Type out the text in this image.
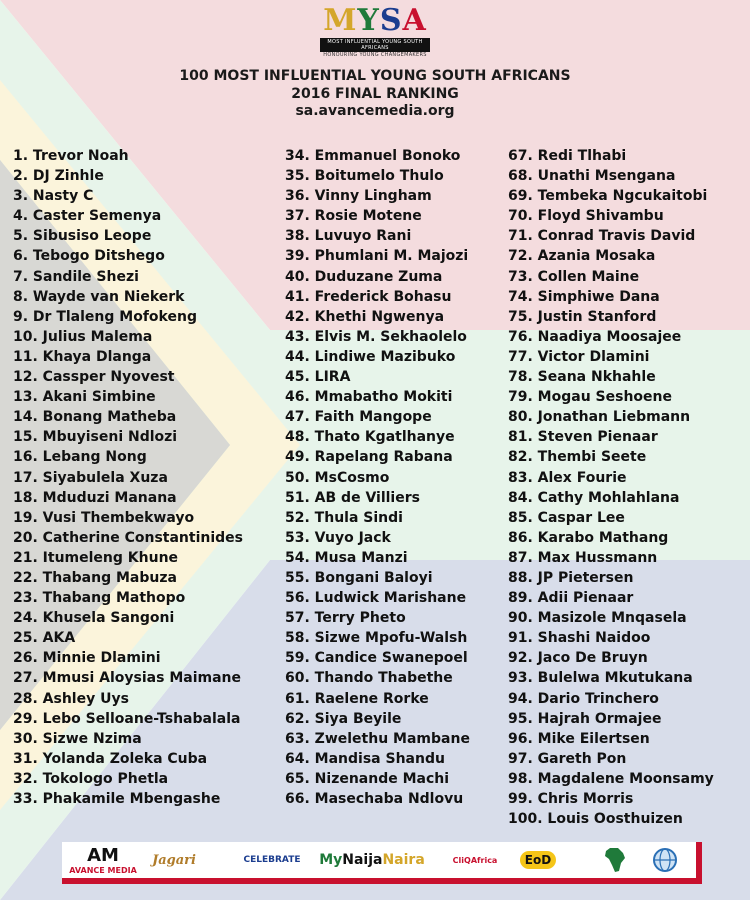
MYSA
MOST INFLUENTIAL YOUNG SOUTH AFRICANS
HONOURING YOUNG CHANGEMAKERS
100 MOST INFLUENTIAL YOUNG SOUTH AFRICANS
2016 FINAL RANKING
sa.avancemedia.org
1. Trevor Noah
2. DJ Zinhle
3. Nasty C
4. Caster Semenya
5. Sibusiso Leope
6. Tebogo Ditshego
7. Sandile Shezi
8. Wayde van Niekerk
9. Dr Tlaleng Mofokeng
10. Julius Malema
11. Khaya Dlanga
12. Cassper Nyovest
13. Akani Simbine
14. Bonang Matheba
15. Mbuyiseni Ndlozi
16. Lebang Nong
17. Siyabulela Xuza
18. Mduduzi Manana
19. Vusi Thembekwayo
20. Catherine Constantinides
21. Itumeleng Khune
22. Thabang Mabuza
23. Thabang Mathopo
24. Khusela Sangoni
25. AKA
26. Minnie Dlamini
27. Mmusi Aloysias Maimane
28. Ashley Uys
29. Lebo Selloane-Tshabalala
30. Sizwe Nzima
31. Yolanda Zoleka Cuba
32. Tokologo Phetla
33. Phakamile Mbengashe
34. Emmanuel Bonoko
35. Boitumelo Thulo
36. Vinny Lingham
37. Rosie Motene
38. Luvuyo Rani
39. Phumlani M. Majozi
40. Duduzane Zuma
41. Frederick Bohasu
42. Khethi Ngwenya
43. Elvis M. Sekhaolelo
44. Lindiwe Mazibuko
45. LIRA
46. Mmabatho Mokiti
47. Faith Mangope
48. Thato Kgatlhanye
49. Rapelang Rabana
50. MsCosmo
51. AB de Villiers
52. Thula Sindi
53. Vuyo Jack
54. Musa Manzi
55. Bongani Baloyi
56. Ludwick Marishane
57. Terry Pheto
58. Sizwe Mpofu-Walsh
59. Candice Swanepoel
60. Thando Thabethe
61. Raelene Rorke
62. Siya Beyile
63. Zwelethu Mambane
64. Mandisa Shandu
65. Nizenande Machi
66. Masechaba Ndlovu
67. Redi Tlhabi
68. Unathi Msengana
69. Tembeka Ngcukaitobi
70. Floyd Shivambu
71. Conrad Travis David
72. Azania Mosaka
73. Collen Maine
74. Simphiwe Dana
75. Justin Stanford
76. Naadiya Moosajee
77. Victor Dlamini
78. Seana Nkhahle
79. Mogau Seshoene
80. Jonathan Liebmann
81. Steven Pienaar
82. Thembi Seete
83. Alex Fourie
84. Cathy Mohlahlana
85. Caspar Lee
86. Karabo Mathang
87. Max Hussmann
88. JP Pietersen
89. Adii Pienaar
90. Masizole Mnqasela
91. Shashi Naidoo
92. Jaco De Bruyn
93. Bulelwa Mkutukana
94. Dario Trinchero
95. Hajrah Ormajee
96. Mike Eilertsen
97. Gareth Pon
98. Magdalene Moonsamy
99. Chris Morris
100. Louis Oosthuizen
AM
AVANCE MEDIA
Jagari	CELEBRATE	My Naija Naira	CliQAfrica	EoD
